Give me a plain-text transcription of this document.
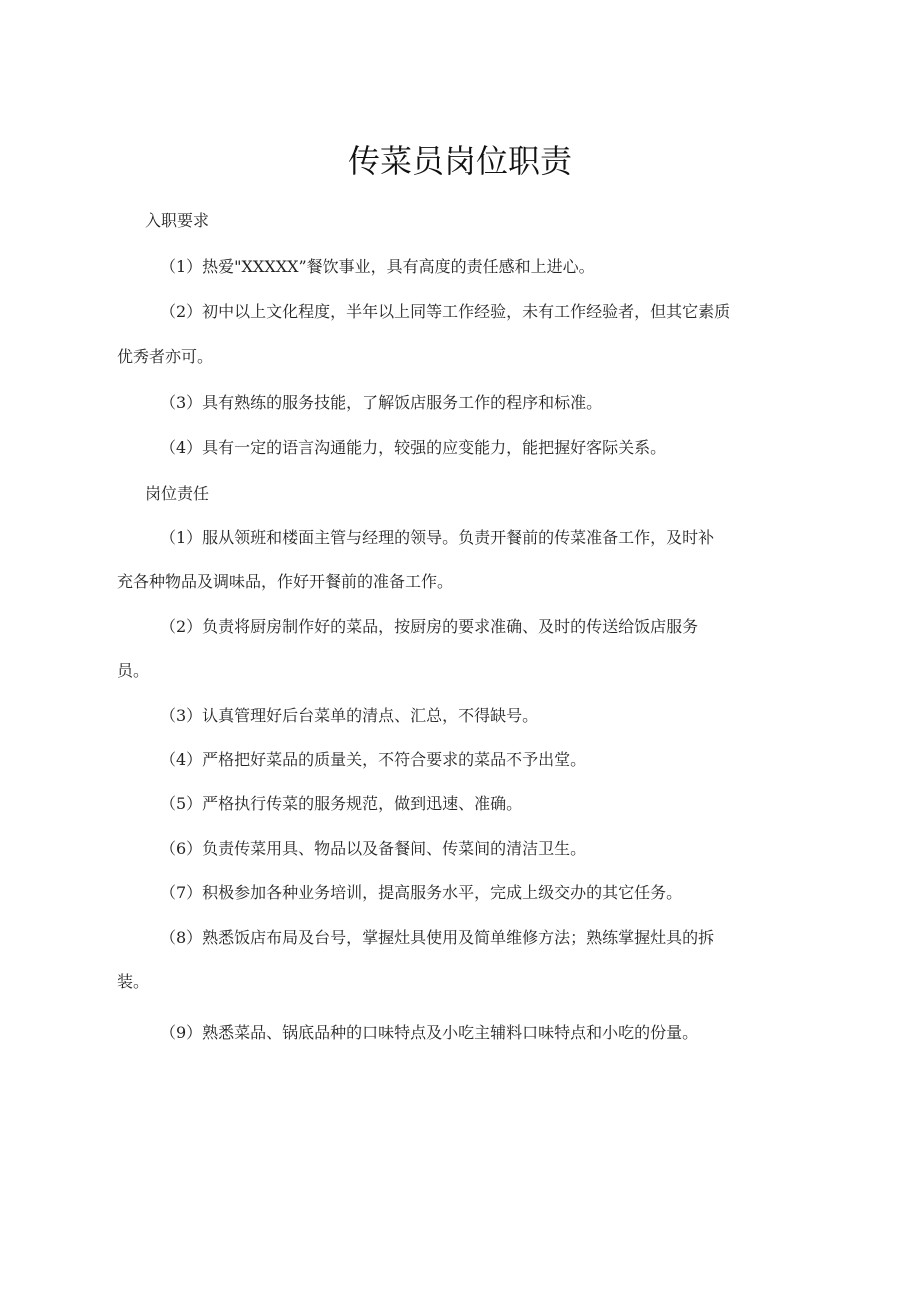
传菜员岗位职责
入职要求
（1）热爱"XXXXX”餐饮事业，具有高度的责任感和上进心。
（2）初中以上文化程度，半年以上同等工作经验，未有工作经验者，但其它素质
优秀者亦可。
（3）具有熟练的服务技能，了解饭店服务工作的程序和标准。
（4）具有一定的语言沟通能力，较强的应变能力，能把握好客际关系。
岗位责任
（1）服从领班和楼面主管与经理的领导。负责开餐前的传菜准备工作，及时补
充各种物品及调味品，作好开餐前的准备工作。
（2）负责将厨房制作好的菜品，按厨房的要求准确、及时的传送给饭店服务
员。
（3）认真管理好后台菜单的清点、汇总，不得缺号。
（4）严格把好菜品的质量关，不符合要求的菜品不予出堂。
（5）严格执行传菜的服务规范，做到迅速、准确。
（6）负责传菜用具、物品以及备餐间、传菜间的清洁卫生。
（7）积极参加各种业务培训，提高服务水平，完成上级交办的其它任务。
（8）熟悉饭店布局及台号，掌握灶具使用及简单维修方法；熟练掌握灶具的拆
装。
（9）熟悉菜品、锅底品种的口味特点及小吃主辅料口味特点和小吃的份量。
